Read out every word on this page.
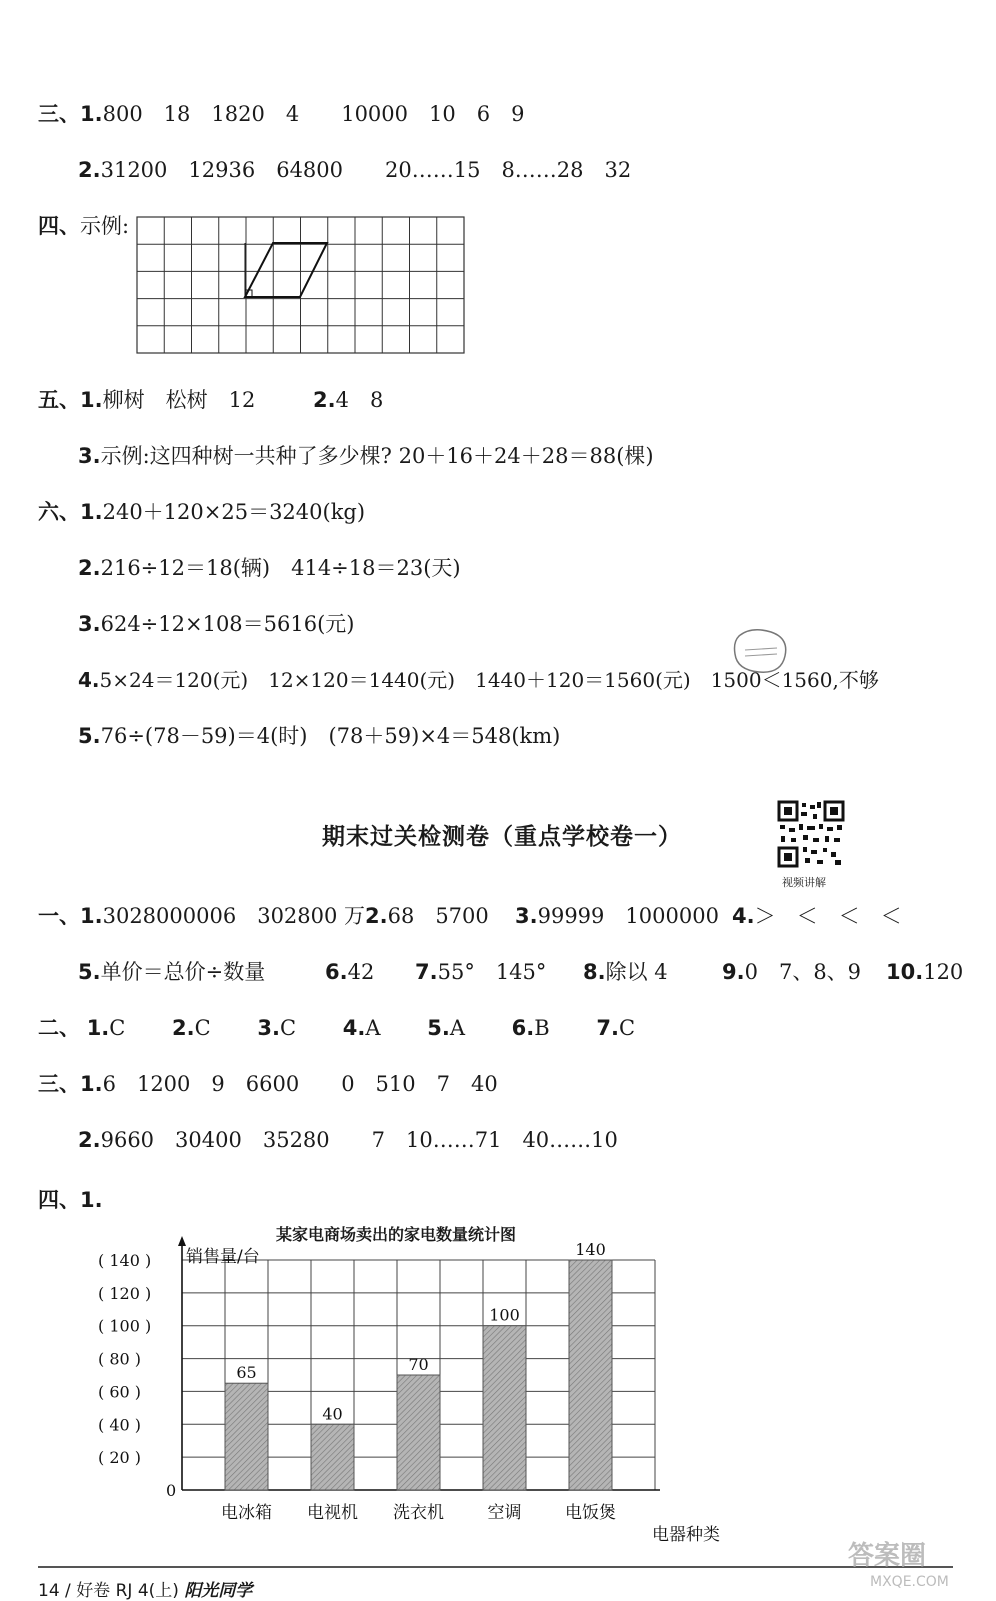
三、1.800　18　1820　4　　10000　10　6　9
2.31200　12936　64800　　20……15　8……28　32
四、示例:
五、1.柳树　松树　12	2.4　8
3.示例:这四种树一共种了多少棵? 20＋16＋24＋28＝88(棵)
六、1.240＋120×25＝3240(kg)
2.216÷12＝18(辆)　414÷18＝23(天)
3.624÷12×108＝5616(元)
4.5×24＝120(元)　12×120＝1440(元)　1440＋120＝1560(元)　1500＜1560,不够
5.76÷(78－59)＝4(时)　(78＋59)×4＝548(km)
期末过关检测卷（重点学校卷一）
视频讲解
一、1.3028000006　302800 万 2.68　5700 3.99999　1000000 4.＞　＜　＜　＜
5.单价＝总价÷数量	6.42 7.55°　145° 8.除以 4	9.0　7、8、9 10.120
二、 1.C 2.C 3.C 4.A 5.A 6.B 7.C
三、1.6　1200　9　6600　　0　510　7　40
2.9660　30400　35280　　7　10……71　40……10
四、1.
某家电商场卖出的家电数量统计图
0
( 20 )
( 40 )
( 60 )
( 80 )
( 100 )
( 120 )
( 140 )
65
电冰箱
40
电视机
70
洗衣机
100
空调
140
电饭煲
销售量/台
电器种类
14 / 好卷 RJ 4(上) 阳光同学
答案圈
MXQE.COM
